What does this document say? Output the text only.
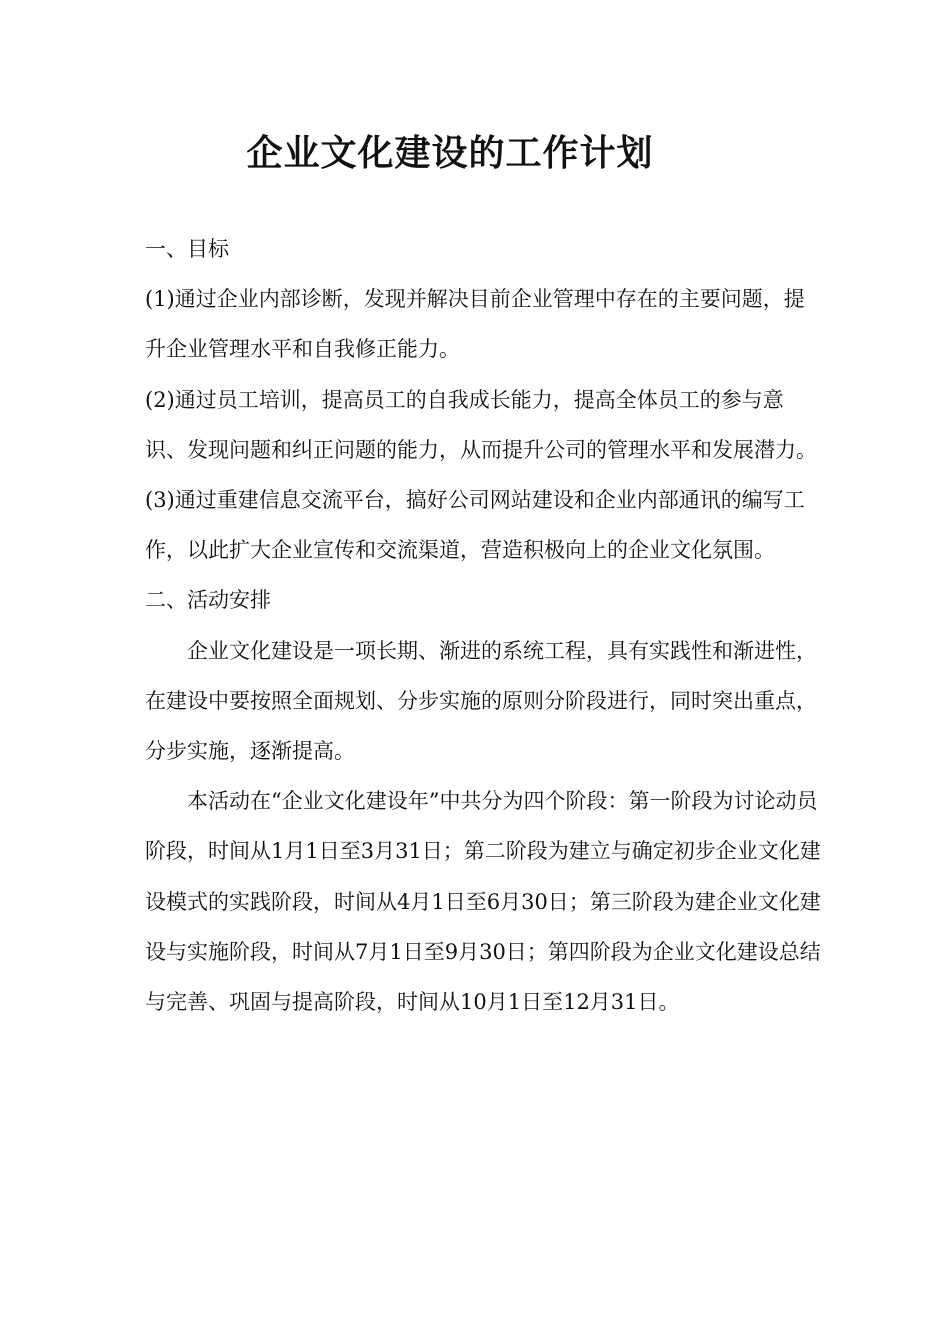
企业文化建设的工作计划

一、目标

(1)通过企业内部诊断，发现并解决目前企业管理中存在的主要问题，提升企业管理水平和自我修正能力。

(2)通过员工培训，提高员工的自我成长能力，提高全体员工的参与意识、发现问题和纠正问题的能力，从而提升公司的管理水平和发展潜力。

(3)通过重建信息交流平台，搞好公司网站建设和企业内部通讯的编写工作，以此扩大企业宣传和交流渠道，营造积极向上的企业文化氛围。

二、活动安排

企业文化建设是一项长期、渐进的系统工程，具有实践性和渐进性，在建设中要按照全面规划、分步实施的原则分阶段进行，同时突出重点，分步实施，逐渐提高。

本活动在“企业文化建设年”中共分为四个阶段：第一阶段为讨论动员阶段，时间从1月1日至3月31日；第二阶段为建立与确定初步企业文化建设模式的实践阶段，时间从4月1日至6月30日；第三阶段为建企业文化建设与实施阶段，时间从7月1日至9月30日；第四阶段为企业文化建设总结与完善、巩固与提高阶段，时间从10月1日至12月31日。
